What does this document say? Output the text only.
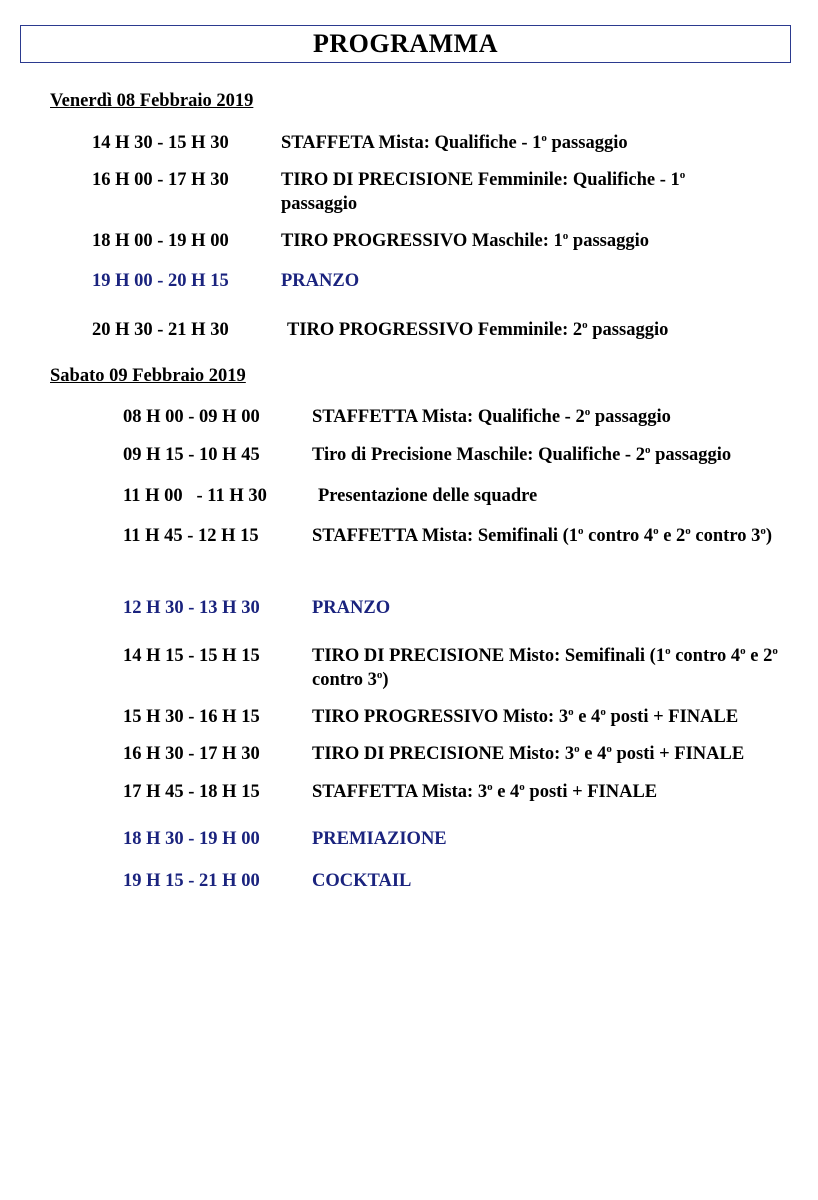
PROGRAMMA
Venerdì 08 Febbraio 2019
14 H 30 - 15 H 30	STAFFETA Mista: Qualifiche - 1$^o$ passaggio
16 H 00 - 17 H 30	TIRO DI PRECISIONE Femminile: Qualifiche - 1$^o$ passaggio
18 H 00 - 19 H 00	TIRO PROGRESSIVO Maschile: 1$^o$ passaggio
19 H 00 - 20 H 15	PRANZO
20 H 30 - 21 H 30	TIRO PROGRESSIVO Femminile: 2$^o$ passaggio
Sabato 09 Febbraio 2019
08 H 00 - 09 H 00	STAFFETTA Mista: Qualifiche - 2$^o$ passaggio
09 H 15 - 10 H 45	Tiro di Precisione Maschile: Qualifiche - 2$^o$ passaggio
11 H 00   - 11 H 30	Presentazione delle squadre
11 H 45 - 12 H 15	STAFFETTA Mista: Semifinali (1$^o$ contro 4$^o$ e 2$^o$ contro 3$^o$)
12 H 30 - 13 H 30	PRANZO
14 H 15 - 15 H 15	TIRO DI PRECISIONE Misto: Semifinali (1$^o$ contro 4$^o$ e 2$^o$ contro 3$^o$)
15 H 30 - 16 H 15	TIRO PROGRESSIVO Misto: 3$^o$ e 4$^o$ posti + FINALE
16 H 30 - 17 H 30	TIRO DI PRECISIONE Misto: 3$^o$ e 4$^o$ posti + FINALE
17 H 45 - 18 H 15	STAFFETTA Mista: 3$^o$ e 4$^o$ posti + FINALE
18 H 30 - 19 H 00	PREMIAZIONE
19 H 15 - 21 H 00	COCKTAIL
